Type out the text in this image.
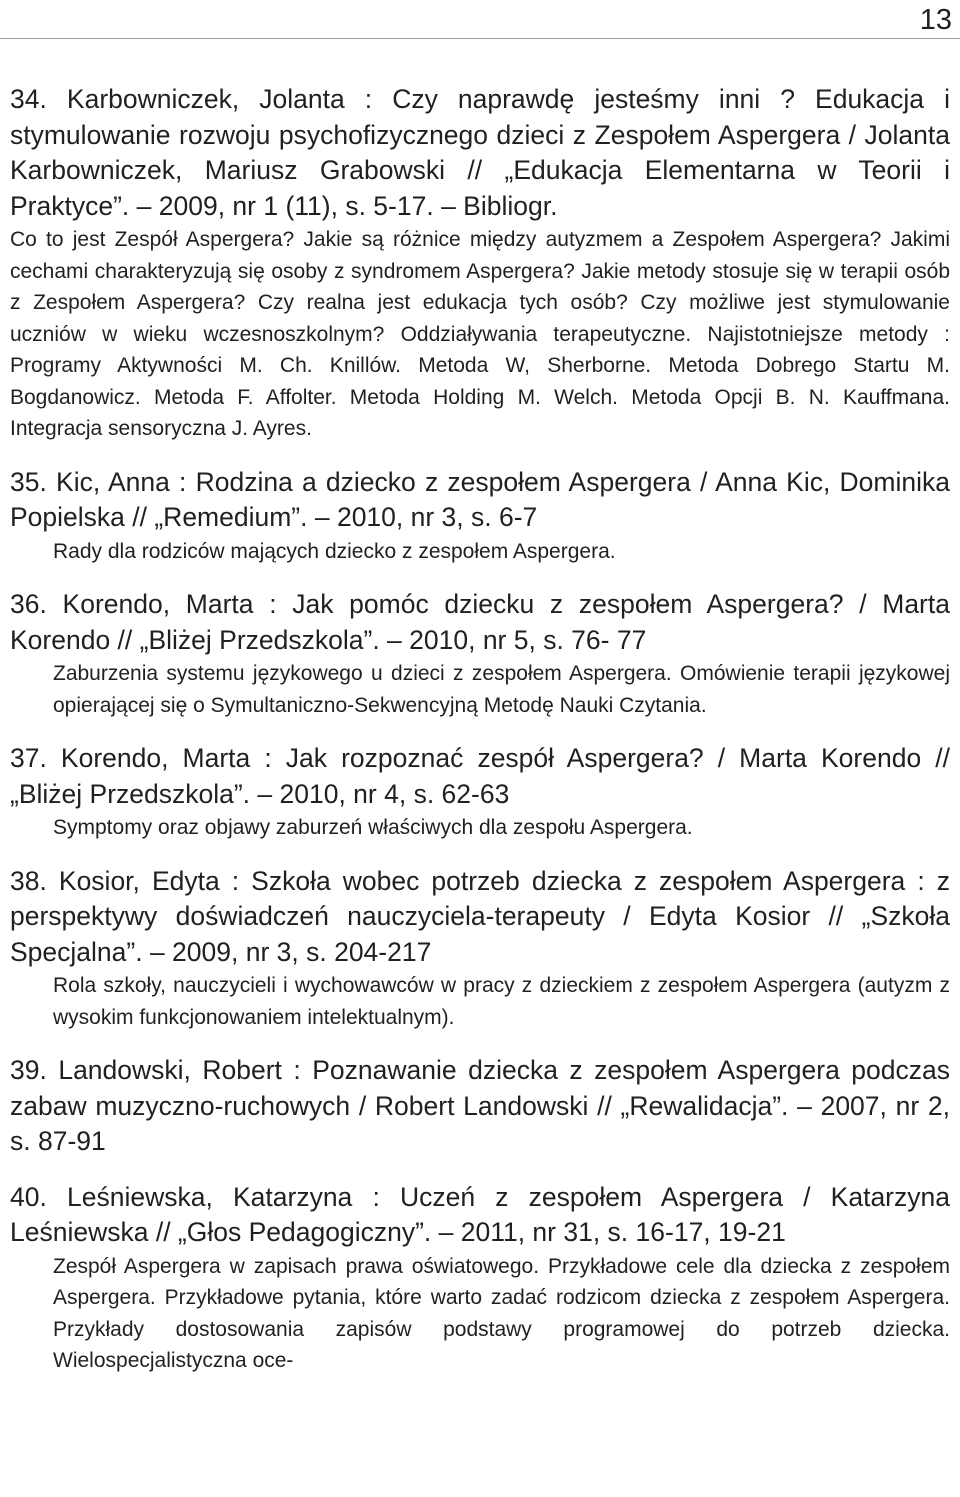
13
34. Karbowniczek, Jolanta : Czy naprawdę jesteśmy inni ? Edukacja i stymulowanie rozwoju psychofizycznego dzieci z Zespołem Aspergera / Jolanta Karbowniczek, Mariusz Grabowski // „Edukacja Elementarna w Teorii i Praktyce”. – 2009, nr 1 (11), s. 5-17. – Bibliogr.
Co to jest Zespół Aspergera? Jakie są różnice między autyzmem a Zespołem Aspergera? Jakimi cechami charakteryzują się osoby z syndromem Aspergera? Jakie metody stosuje się w terapii osób z Zespołem Aspergera? Czy realna jest edukacja tych osób? Czy możliwe jest stymulowanie uczniów w wieku wczesnoszkolnym? Oddziaływania terapeutyczne. Najistotniejsze metody : Programy Aktywności M. Ch. Knillów. Metoda W, Sherborne. Metoda Dobrego Startu M. Bogdanowicz. Metoda F. Affolter. Metoda Holding M. Welch. Metoda Opcji B. N. Kauffmana. Integracja sensoryczna J. Ayres.
35. Kic, Anna : Rodzina a dziecko z zespołem Aspergera / Anna Kic, Dominika Popielska // „Remedium”. – 2010, nr 3, s. 6-7
Rady dla rodziców mających dziecko z zespołem Aspergera.
36. Korendo, Marta : Jak pomóc dziecku z zespołem Aspergera? / Marta Korendo // „Bliżej Przedszkola”. – 2010, nr 5, s. 76- 77
Zaburzenia systemu językowego u dzieci z zespołem Aspergera. Omówienie terapii językowej opierającej się o Symultaniczno-Sekwencyjną Metodę Nauki Czytania.
37. Korendo, Marta : Jak rozpoznać zespół Aspergera? / Marta Korendo // „Bliżej Przedszkola”. – 2010, nr 4, s. 62-63
Symptomy oraz objawy zaburzeń właściwych dla zespołu Aspergera.
38. Kosior, Edyta : Szkoła wobec potrzeb dziecka z zespołem Aspergera : z perspektywy doświadczeń nauczyciela-terapeuty / Edyta Kosior // „Szkoła Specjalna”. – 2009, nr 3, s. 204-217
Rola szkoły, nauczycieli i wychowawców w pracy z dzieckiem z zespołem Aspergera (autyzm z wysokim funkcjonowaniem intelektualnym).
39. Landowski, Robert : Poznawanie dziecka z zespołem Aspergera podczas zabaw muzyczno-ruchowych / Robert Landowski // „Rewalidacja”. – 2007, nr 2, s. 87-91
40. Leśniewska, Katarzyna : Uczeń z zespołem Aspergera / Katarzyna Leśniewska // „Głos Pedagogiczny”. – 2011, nr 31, s. 16-17, 19-21
Zespół Aspergera w zapisach prawa oświatowego. Przykładowe cele dla dziecka z zespołem Aspergera. Przykładowe pytania, które warto zadać rodzicom dziecka z zespołem Aspergera. Przykłady dostosowania zapisów podstawy programowej do potrzeb dziecka. Wielospecjalistyczna oce-
